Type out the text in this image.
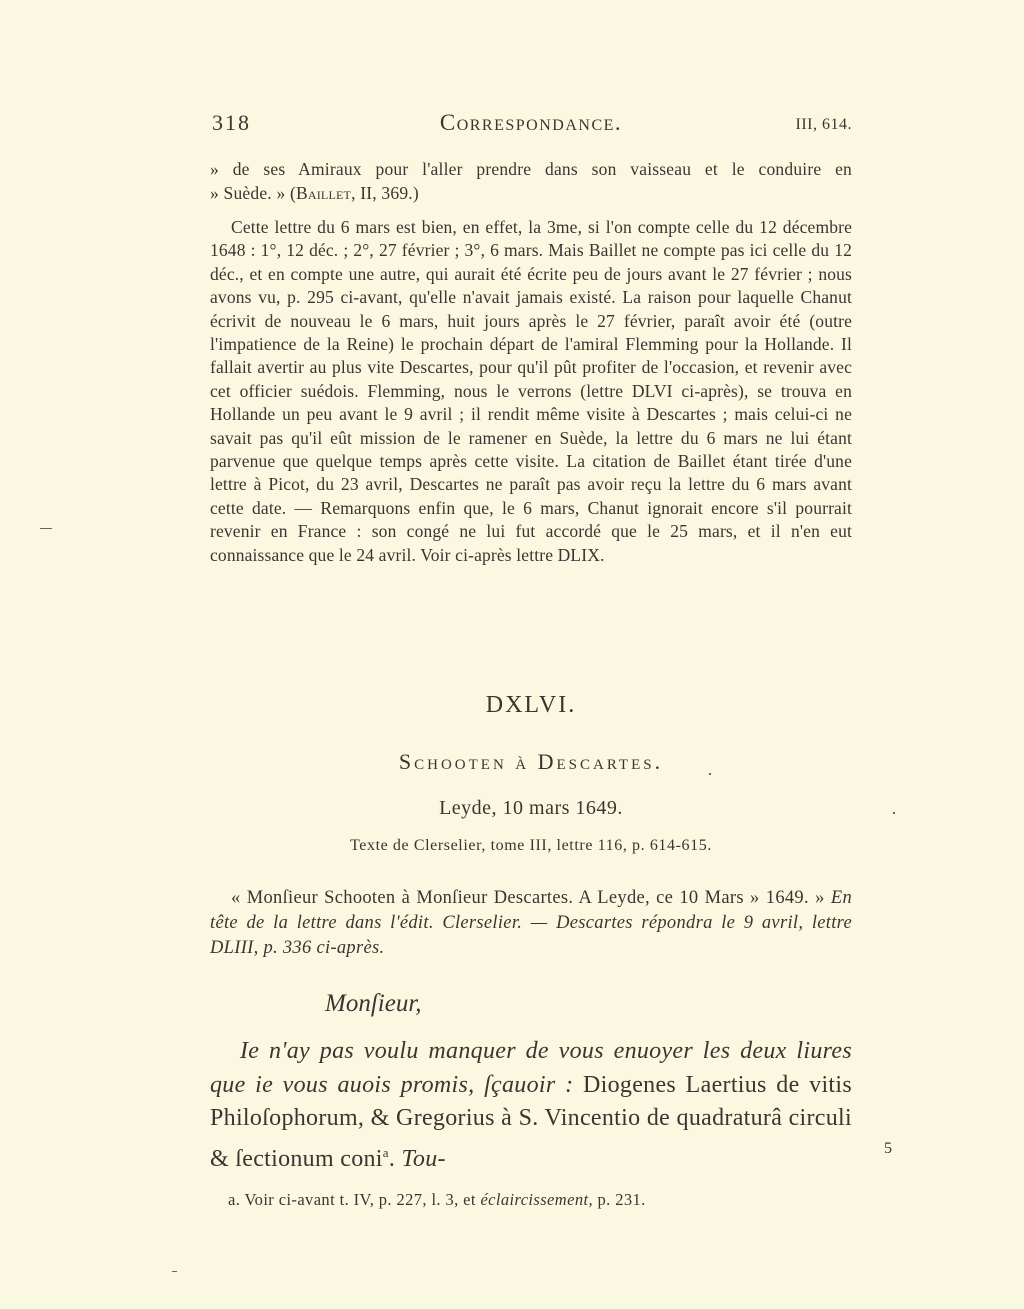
318	Correspondance.	III, 614.
» de ses Amiraux pour l'aller prendre dans son vaisseau et le conduire en
» Suède. » (Baillet, II, 369.)
Cette lettre du 6 mars est bien, en effet, la 3me, si l'on compte celle du 12 décembre 1648 : 1°, 12 déc. ; 2°, 27 février ; 3°, 6 mars. Mais Baillet ne compte pas ici celle du 12 déc., et en compte une autre, qui aurait été écrite peu de jours avant le 27 février ; nous avons vu, p. 295 ci-avant, qu'elle n'avait jamais existé. La raison pour laquelle Chanut écrivit de nouveau le 6 mars, huit jours après le 27 février, paraît avoir été (outre l'impatience de la Reine) le prochain départ de l'amiral Flemming pour la Hollande. Il fallait avertir au plus vite Descartes, pour qu'il pût profiter de l'occasion, et revenir avec cet officier suédois. Flemming, nous le verrons (lettre DLVI ci-après), se trouva en Hollande un peu avant le 9 avril ; il rendit même visite à Descartes ; mais celui-ci ne savait pas qu'il eût mission de le ramener en Suède, la lettre du 6 mars ne lui étant parvenue que quelque temps après cette visite. La citation de Baillet étant tirée d'une lettre à Picot, du 23 avril, Descartes ne paraît pas avoir reçu la lettre du 6 mars avant cette date. — Remarquons enfin que, le 6 mars, Chanut ignorait encore s'il pourrait revenir en France : son congé ne lui fut accordé que le 25 mars, et il n'en eut connaissance que le 24 avril. Voir ci-après lettre DLIX.
DXLVI.
Schooten à Descartes.
Leyde, 10 mars 1649.
Texte de Clerselier, tome III, lettre 116, p. 614-615.
« Monſieur Schooten à Monſieur Descartes. A Leyde, ce 10 Mars » 1649. » En tête de la lettre dans l'édit. Clerselier. — Descartes répondra le 9 avril, lettre DLIII, p. 336 ci-après.
Monſieur,
Ie n'ay pas voulu manquer de vous enuoyer les deux liures que ie vous auois promis, ſçauoir : Diogenes Laertius de vitis Philoſophorum, & Gregorius à S. Vincentio de quadraturâ circuli & ſectionum coni$^a$. Tou-
a. Voir ci-avant t. IV, p. 227, l. 3, et éclaircissement, p. 231.
5
